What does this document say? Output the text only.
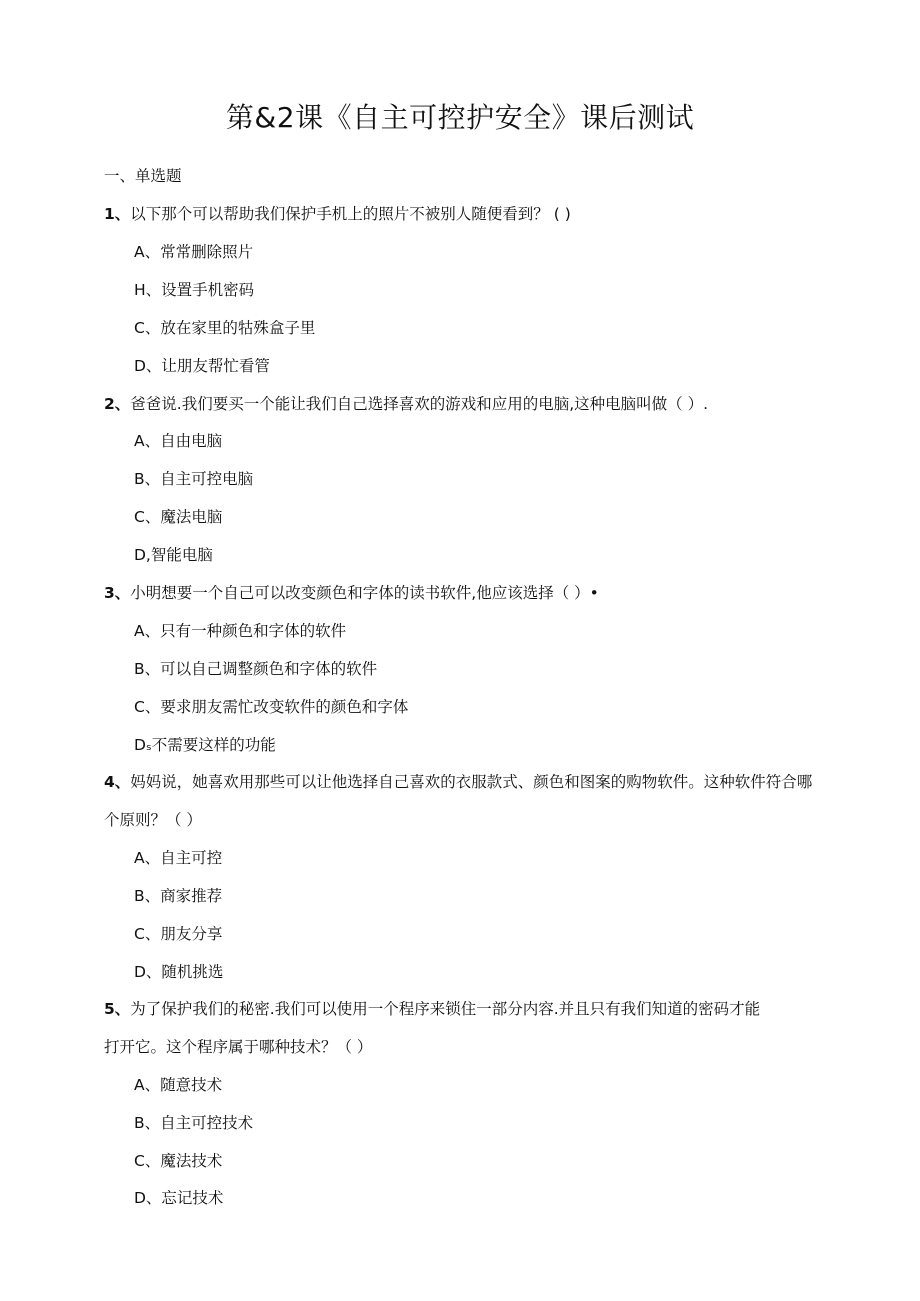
第&2课《自主可控护安全》课后测试
一、单选题
1、以下那个可以帮助我们保护手机上的照片不被别人随便看到？ ( )
A、常常删除照片
H、设置手机密码
C、放在家里的牯殊盒子里
D、让朋友帮忙看管
2、爸爸说.我们要买一个能让我们自己选择喜欢的游戏和应用的电脑,这种电脑叫做（ ）.
A、自由电脑
B、自主可控电脑
C、魔法电脑
D,智能电脑
3、小明想要一个自己可以改变颜色和字体的读书软件,他应该选择（ ）•
A、只有一种颜色和字体的软件
B、可以自己调整颜色和字体的软件
C、要求朋友需忙改变软件的颜色和字体
Dₛ不需要这样的功能
4、妈妈说，她喜欢用那些可以让他选择自己喜欢的衣服款式、颜色和图案的购物软件。这种软件符合哪
个原则？（ ）
A、自主可控
B、商家推荐
C、朋友分享
D、随机挑选
5、为了保护我们的秘密.我们可以使用一个程序来锁住一部分内容.并且只有我们知道的密码才能
打开它。这个程序属于哪种技术？（ ）
A、随意技术
B、自主可控技术
C、魔法技术
D、忘记技术
